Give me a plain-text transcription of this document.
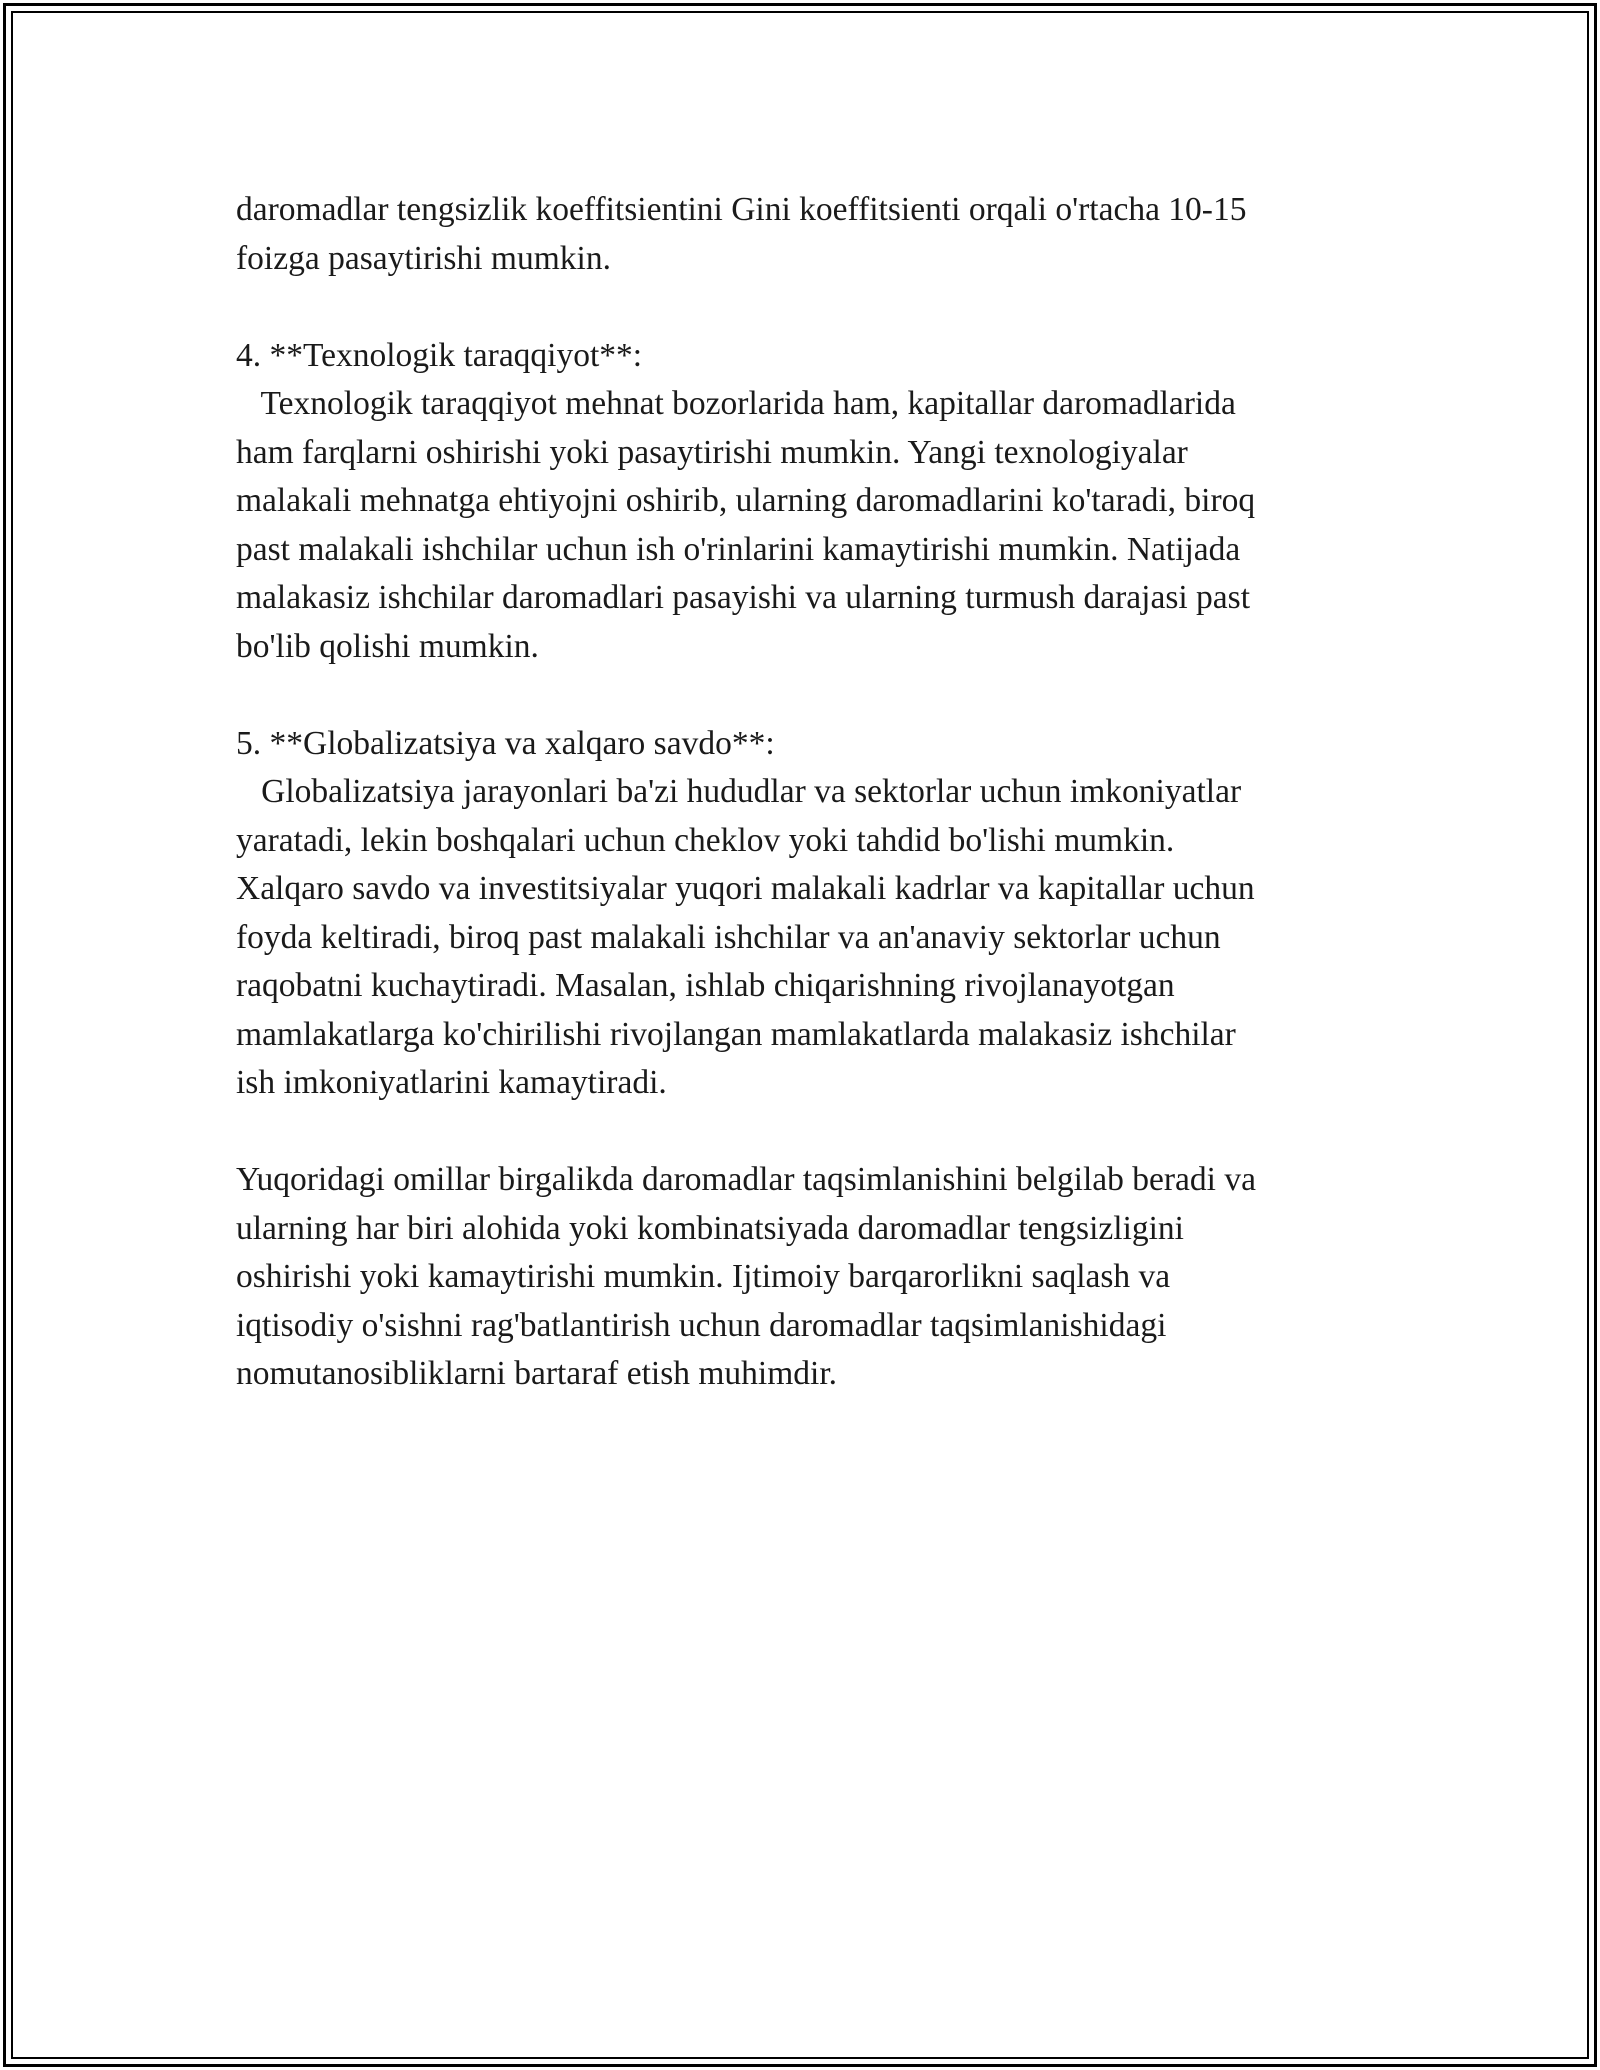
daromadlar tengsizlik koeffitsientini Gini koeffitsienti orqali o'rtacha 10-15
foizga pasaytirishi mumkin.
4. **Texnologik taraqqiyot**:
Texnologik taraqqiyot mehnat bozorlarida ham, kapitallar daromadlarida
ham farqlarni oshirishi yoki pasaytirishi mumkin. Yangi texnologiyalar
malakali mehnatga ehtiyojni oshirib, ularning daromadlarini ko'taradi, biroq
past malakali ishchilar uchun ish o'rinlarini kamaytirishi mumkin. Natijada
malakasiz ishchilar daromadlari pasayishi va ularning turmush darajasi past
bo'lib qolishi mumkin.
5. **Globalizatsiya va xalqaro savdo**:
Globalizatsiya jarayonlari ba'zi hududlar va sektorlar uchun imkoniyatlar
yaratadi, lekin boshqalari uchun cheklov yoki tahdid bo'lishi mumkin.
Xalqaro savdo va investitsiyalar yuqori malakali kadrlar va kapitallar uchun
foyda keltiradi, biroq past malakali ishchilar va an'anaviy sektorlar uchun
raqobatni kuchaytiradi. Masalan, ishlab chiqarishning rivojlanayotgan
mamlakatlarga ko'chirilishi rivojlangan mamlakatlarda malakasiz ishchilar
ish imkoniyatlarini kamaytiradi.
Yuqoridagi omillar birgalikda daromadlar taqsimlanishini belgilab beradi va
ularning har biri alohida yoki kombinatsiyada daromadlar tengsizligini
oshirishi yoki kamaytirishi mumkin. Ijtimoiy barqarorlikni saqlash va
iqtisodiy o'sishni rag'batlantirish uchun daromadlar taqsimlanishidagi
nomutanosibliklarni bartaraf etish muhimdir.
